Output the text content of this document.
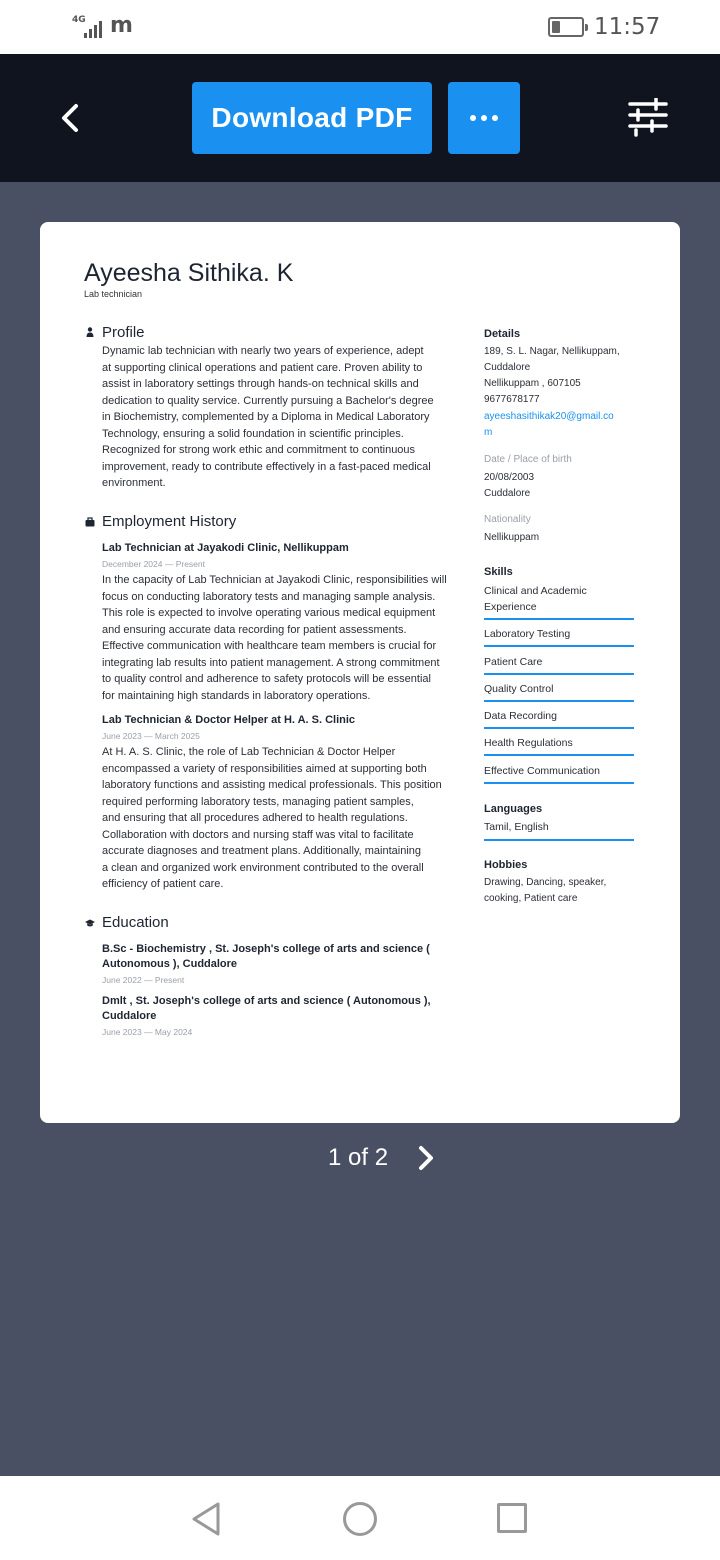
4G m	11:57
Download PDF
Ayeesha Sithika. K
Lab technician
Profile
Dynamic lab technician with nearly two years of experience, adept
at supporting clinical operations and patient care. Proven ability to
assist in laboratory settings through hands-on technical skills and
dedication to quality service. Currently pursuing a Bachelor's degree
in Biochemistry, complemented by a Diploma in Medical Laboratory
Technology, ensuring a solid foundation in scientific principles.
Recognized for strong work ethic and commitment to continuous
improvement, ready to contribute effectively in a fast-paced medical
environment.
Employment History
Lab Technician at Jayakodi Clinic, Nellikuppam
December 2024 — Present
In the capacity of Lab Technician at Jayakodi Clinic, responsibilities will
focus on conducting laboratory tests and managing sample analysis.
This role is expected to involve operating various medical equipment
and ensuring accurate data recording for patient assessments.
Effective communication with healthcare team members is crucial for
integrating lab results into patient management. A strong commitment
to quality control and adherence to safety protocols will be essential
for maintaining high standards in laboratory operations.
Lab Technician & Doctor Helper at H. A. S. Clinic
June 2023 — March 2025
At H. A. S. Clinic, the role of Lab Technician & Doctor Helper
encompassed a variety of responsibilities aimed at supporting both
laboratory functions and assisting medical professionals. This position
required performing laboratory tests, managing patient samples,
and ensuring that all procedures adhered to health regulations.
Collaboration with doctors and nursing staff was vital to facilitate
accurate diagnoses and treatment plans. Additionally, maintaining
a clean and organized work environment contributed to the overall
efficiency of patient care.
Education
B.Sc - Biochemistry , St. Joseph's college of arts and science (
Autonomous ), Cuddalore
June 2022 — Present
Dmlt , St. Joseph's college of arts and science ( Autonomous ),
Cuddalore
June 2023 — May 2024
Details
189, S. L. Nagar, Nellikuppam,
Cuddalore
Nellikuppam , 607105
9677678177
ayeeshasithikak20@gmail.co
m
Date / Place of birth
20/08/2003
Cuddalore
Nationality
Nellikuppam
Skills
Clinical and Academic
Experience
Laboratory Testing
Patient Care
Quality Control
Data Recording
Health Regulations
Effective Communication
Languages
Tamil, English
Hobbies
Drawing, Dancing, speaker,
cooking, Patient care
1 of 2
